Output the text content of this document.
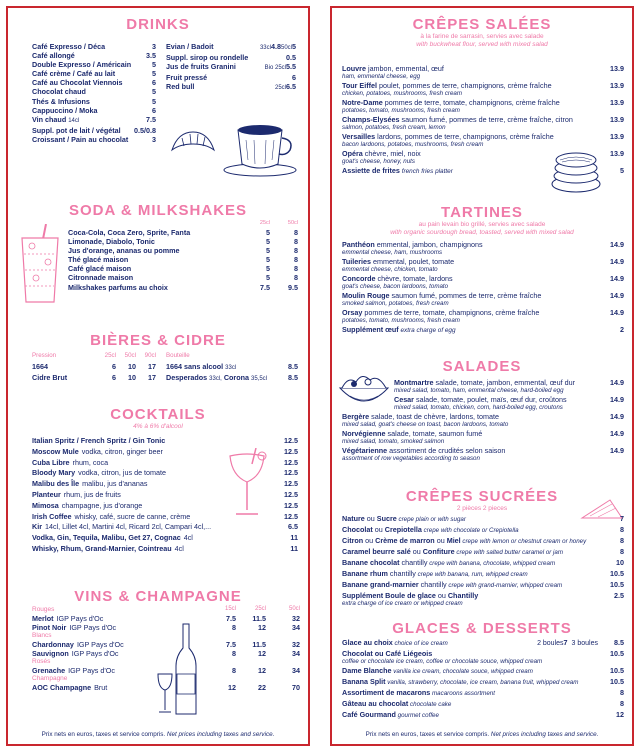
DRINKS

Café Expresso / Déca	3
Café allongé	3.5
Double Expresso / Américain	5
Café crème / Café au lait	5
Café au Chocolat Viennois	6
Chocolat chaud	5
Thés & Infusions	5
Cappuccino / Moka	6
Vin chaud 14cl	7.5
Suppl. pot de lait / végétal 0.5/0.8
Croissant / Pain au chocolat	3
Evian / Badoit	33cl 4.8 50cl 5
Suppl. sirop ou rondelle	0.5
Jus de fruits Granini	Bio 25cl 5.5
Fruit pressé	6
Red bull	25cl 6.5

SODA & MILKSHAKES

25cl	50cl
Coca-Cola, Coca Zero, Sprite, Fanta	5	8
Limonade, Diabolo, Tonic	5	8
Jus d'orange, ananas ou pomme	5	8
Thé glacé maison	5	8
Café glacé maison	5	8
Citronnade maison	5	8
Milkshakes parfums au choix	7.5	9.5

BIÈRES & CIDRE

Pression	25cl	50cl	90cl Bouteille
1664	6	10	17 1664 sans alcool 33cl	8.5
Cidre Brut	6	10	17 Desperados 33cl, Corona 35,5cl	8.5

COCKTAILS

4% à 6% d'alcool

Italian Spritz / French Spritz / Gin Tonic	12.5
Moscow Mule vodka, citron, ginger beer	12.5
Cuba Libre rhum, coca	12.5
Bloody Mary vodka, citron, jus de tomate	12.5
Malibu des Île malibu, jus d'ananas	12.5
Planteur rhum, jus de fruits	12.5
Mimosa champagne, jus d'orange	12.5
Irish Coffee whisky, café, sucre de canne, crème	12.5
Kir 14cl, Lillet 4cl, Martini 4cl, Ricard 2cl, Campari 4cl,...	6.5
Vodka, Gin, Tequila, Malibu, Get 27, Cognac 4cl	11
Whisky, Rhum, Grand-Marnier, Cointreau 4cl	11

VINS & CHAMPAGNE

15cl	25cl	50cl
Rouges
Merlot IGP Pays d'Oc	7.5	11.5	32
Pinot Noir IGP Pays d'Oc	8	12	34
Blancs
Chardonnay IGP Pays d'Oc	7.5	11.5	32
Sauvignon IGP Pays d'Oc	8	12	34
Rosés
Grenache IGP Pays d'Oc	8	12	34
Champagne
AOC Champagne Brut	12	22	70
Prix nets en euros, taxes et service compris. Net prices including taxes and service.

CRÊPES SALÉES

à la farine de sarrasin, servies avec salade

with buckwheat flour, served with mixed salad

Louvre jambon, emmental, œuf	13.9
ham, emmental cheese, egg
Tour Eiffel poulet, pommes de terre, champignons, crème fraîche	13.9
chicken, potatoes, mushrooms, fresh cream
Notre-Dame pommes de terre, tomate, champignons, crème fraîche	13.9
potatoes, tomato, mushrooms, fresh cream
Champs-Elysées saumon fumé, pommes de terre, crème fraîche, citron	13.9
salmon, potatoes, fresh cream, lemon
Versailles lardons, pommes de terre, champignons, crème fraîche	13.9
bacon lardoons, potatoes, mushrooms, fresh cream
Opéra chèvre, miel, noix	13.9
goat's cheese, honey, nuts
Assiette de frites french fries platter	5

TARTINES

au pain levain bio grillé, servies avec salade

with organic sourdough bread, toasted, served with mixed salad

Panthéon emmental, jambon, champignons	14.9
emmental cheese, ham, mushrooms
Tuileries emmental, poulet, tomate	14.9
emmental cheese, chicken, tomato
Concorde chèvre, tomate, lardons	14.9
goat's cheese, bacon lardoons, tomato
Moulin Rouge saumon fumé, pommes de terre, crème fraîche	14.9
smoked salmon, potatoes, fresh cream
Orsay pommes de terre, tomate, champignons, crème fraîche	14.9
potatoes, tomato, mushrooms, fresh cream
Supplément œuf extra charge of egg	2

SALADES

Montmartre salade, tomate, jambon, emmental, œuf dur	14.9
mixed salad, tomato, ham, emmental cheese, hard-boiled egg
Cesar salade, tomate, poulet, maïs, œuf dur, croûtons	14.9
mixed salad, tomato, chicken, corn, hard-boiled egg, croutons
Bergère salade, toast de chèvre, lardons, tomate	14.9
mixed salad, goat's cheese on toast, bacon lardoons, tomato
Norvégienne salade, tomate, saumon fumé	14.9
mixed salad, tomato, smoked salmon
Végétarienne assortiment de crudités selon saison	14.9
assortment of row vegetables according to season

CRÊPES SUCRÉES

2 pièces 2 pieces

Nature ou Sucre crepe plain or with sugar	7
Chocolat ou Crepiotella crepe with chocolate or Crepiotella	8
Citron ou Crème de marron ou Miel crepe with lemon or chestnut cream or honey	8
Caramel beurre salé ou Confiture crepe with salted butter caramel or jam	8
Banane chocolat chantilly crepe with banana, chocolate, whipped cream	10
Banane rhum chantilly crepe with banana, rum, whipped cream	10.5
Banane grand-marnier chantilly crepe with grand-marnier, whipped cream	10.5
Supplément Boule de glace ou Chantilly	2.5
extra charge of ice cream or whipped cream

GLACES & DESSERTS

Glace au choix choice of ice cream	2 boules 7 3 boules	8.5
Chocolat ou Café Liégeois	10.5
coffee or chocolate ice cream, coffee or chocolate souce, whipped cream
Dame Blanche vanilla ice cream, chocolate souce, whipped cream	10.5
Banana Split vanilla, strawberry, chocolate, ice cream, banana fruit, whipped cream	10.5
Assortiment de macarons macaroons assortment	8
Gâteau au chocolat chocolate cake	8
Café Gourmand gourmet coffee	12
Prix nets en euros, taxes et service compris. Net prices including taxes and service.
